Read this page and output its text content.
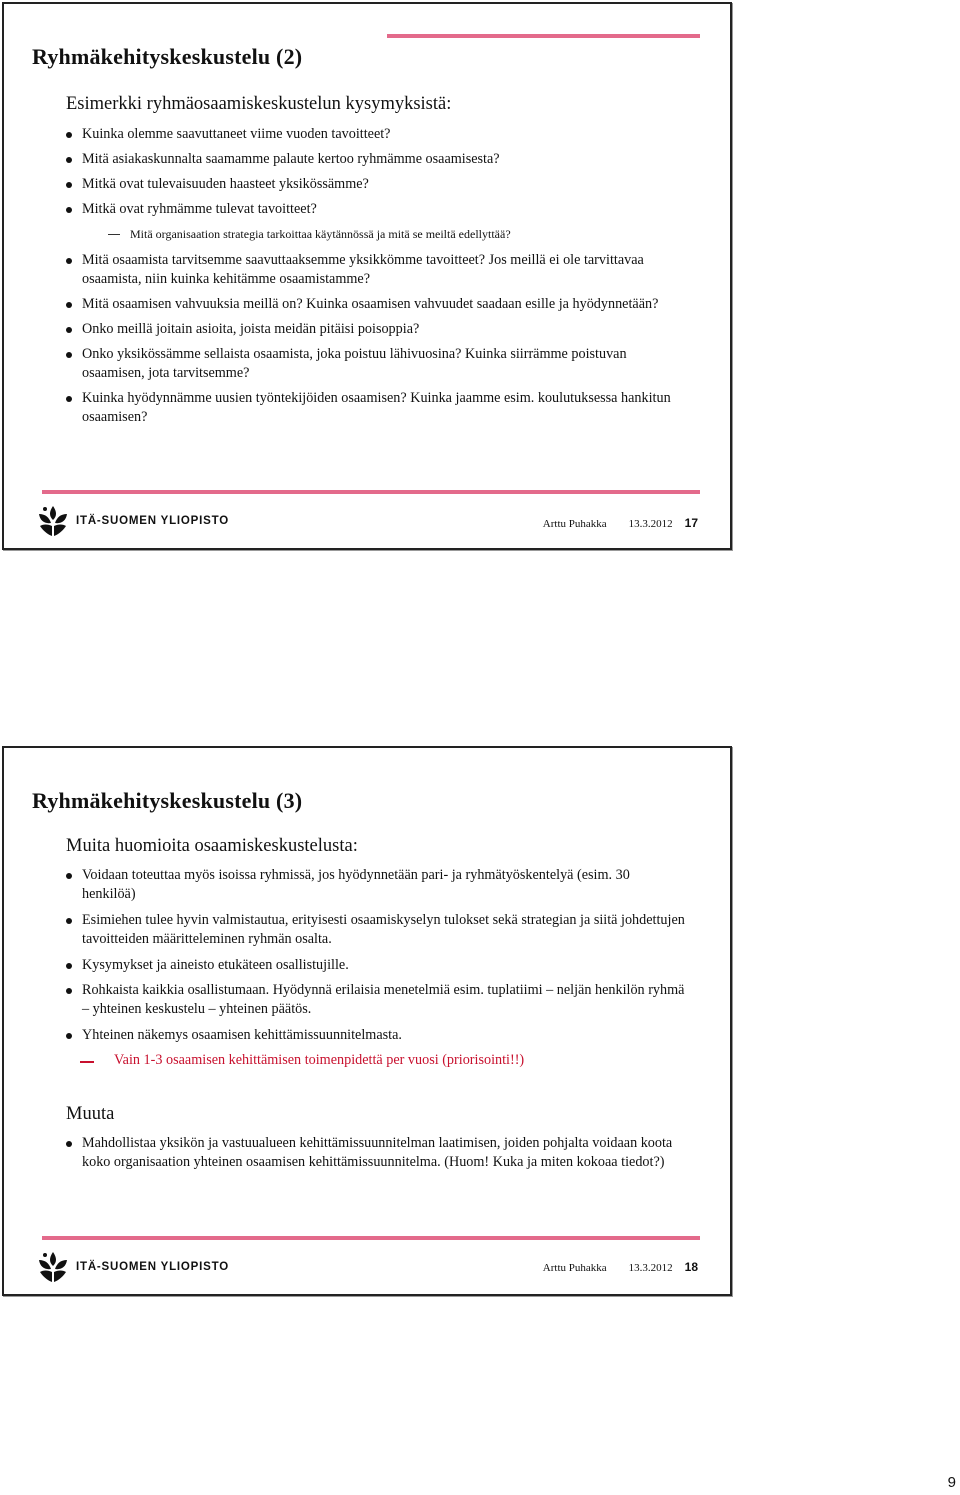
Ryhmäkehityskeskustelu (2)
Esimerkki ryhmäosaamiskeskustelun kysymyksistä:
Kuinka olemme saavuttaneet viime vuoden tavoitteet?
Mitä asiakaskunnalta saamamme palaute kertoo ryhmämme osaamisesta?
Mitkä ovat tulevaisuuden haasteet yksikössämme?
Mitkä ovat ryhmämme tulevat tavoitteet?
Mitä organisaation strategia tarkoittaa käytännössä ja mitä se meiltä edellyttää?
Mitä osaamista tarvitsemme saavuttaaksemme yksikkömme tavoitteet? Jos meillä ei ole tarvittavaa osaamista, niin kuinka kehitämme osaamistamme?
Mitä osaamisen vahvuuksia meillä on? Kuinka osaamisen vahvuudet saadaan esille ja hyödynnetään?
Onko meillä joitain asioita, joista meidän pitäisi poisoppia?
Onko yksikössämme sellaista osaamista, joka poistuu lähivuosina? Kuinka siirrämme poistuvan osaamisen, jota tarvitsemme?
Kuinka hyödynnämme uusien työntekijöiden osaamisen? Kuinka jaamme esim. koulutuksessa hankitun osaamisen?
ITÄ-SUOMEN YLIOPISTO	Arttu Puhakka 13.3.2012 17
Ryhmäkehityskeskustelu (3)
Muita huomioita osaamiskeskustelusta:
Voidaan toteuttaa myös isoissa ryhmissä, jos hyödynnetään pari- ja ryhmätyöskentelyä (esim. 30 henkilöä)
Esimiehen tulee hyvin valmistautua, erityisesti osaamiskyselyn tulokset sekä strategian ja siitä johdettujen tavoitteiden määritteleminen ryhmän osalta.
Kysymykset ja aineisto etukäteen osallistujille.
Rohkaista kaikkia osallistumaan. Hyödynnä erilaisia menetelmiä esim. tuplatiimi – neljän henkilön ryhmä – yhteinen keskustelu – yhteinen päätös.
Yhteinen näkemys osaamisen kehittämissuunnitelmasta.
Vain 1-3 osaamisen kehittämisen toimenpidettä per vuosi (priorisointi!!)
Muuta
Mahdollistaa yksikön ja vastuualueen kehittämissuunnitelman laatimisen, joiden pohjalta voidaan koota koko organisaation yhteinen osaamisen kehittämissuunnitelma. (Huom! Kuka ja miten kokoaa tiedot?)
ITÄ-SUOMEN YLIOPISTO	Arttu Puhakka 13.3.2012 18
9
